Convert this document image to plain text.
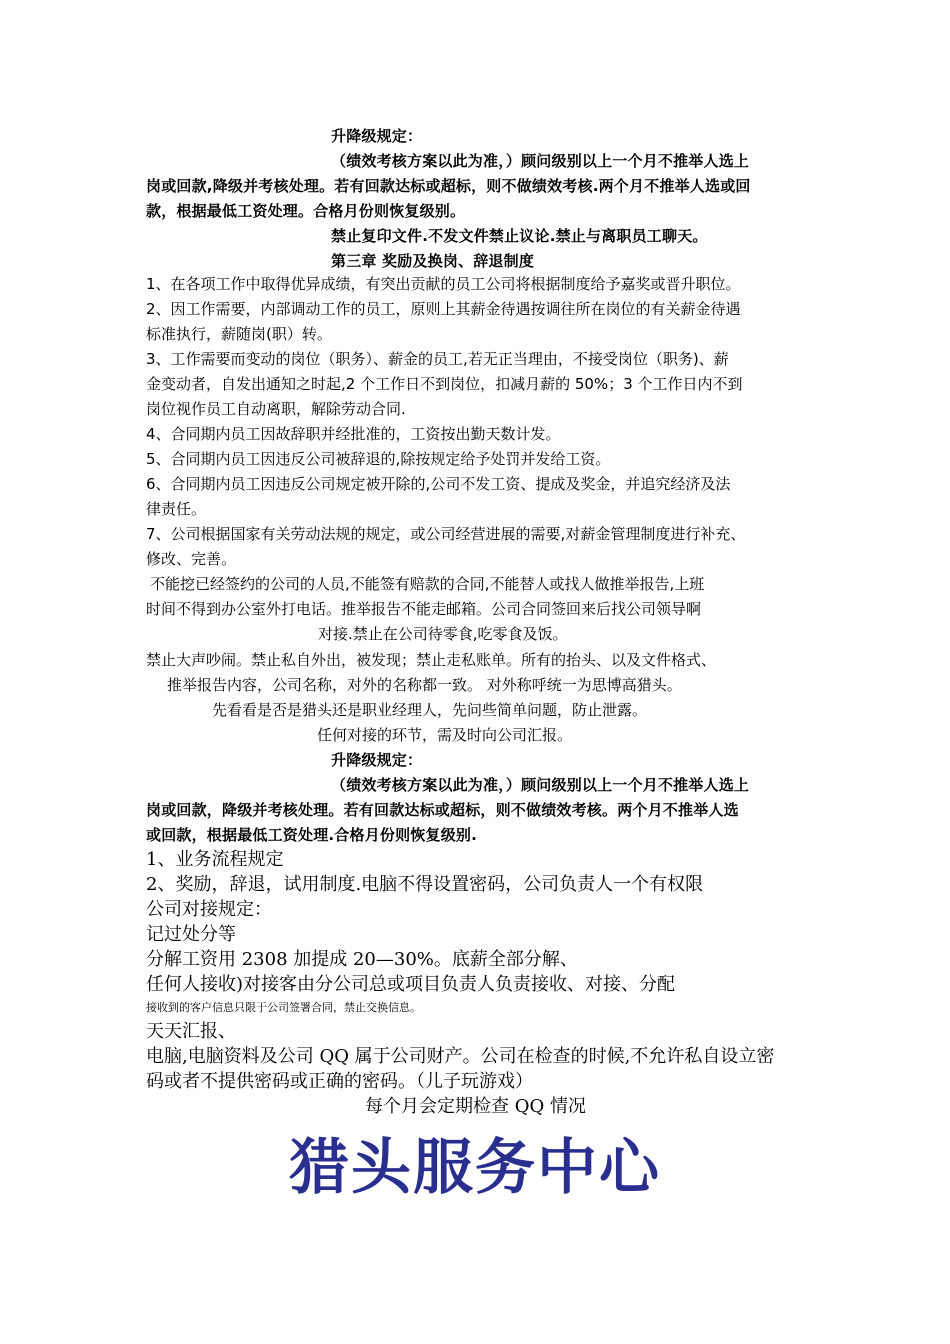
升降级规定：
（绩效考核方案以此为准，）顾问级别以上一个月不推举人选上
岗或回款,降级并考核处理。若有回款达标或超标，则不做绩效考核.两个月不推举人选或回
款，根据最低工资处理。合格月份则恢复级别。
禁止复印文件.不发文件禁止议论.禁止与离职员工聊天。
第三章 奖励及换岗、辞退制度
1、在各项工作中取得优异成绩，有突出贡献的员工公司将根据制度给予嘉奖或晋升职位。
2、因工作需要，内部调动工作的员工，原则上其薪金待遇按调往所在岗位的有关薪金待遇
标准执行，薪随岗(职）转。
3、工作需要而变动的岗位（职务）、薪金的员工,若无正当理由，不接受岗位（职务)、薪
金变动者，自发出通知之时起,2 个工作日不到岗位，扣减月薪的 50%；3 个工作日内不到
岗位视作员工自动离职，解除劳动合同.
4、合同期内员工因故辞职并经批准的，工资按出勤天数计发。
5、合同期内员工因违反公司被辞退的,除按规定给予处罚并发给工资。
6、合同期内员工因违反公司规定被开除的,公司不发工资、提成及奖金，并追究经济及法
律责任。
7、公司根据国家有关劳动法规的规定，或公司经营进展的需要,对薪金管理制度进行补充、
修改、完善。
不能挖已经签约的公司的人员,不能签有赔款的合同,不能替人或找人做推举报告,上班
时间不得到办公室外打电话。推举报告不能走邮箱。公司合同签回来后找公司领导啊
对接.禁止在公司待零食,吃零食及饭。
禁止大声吵闹。禁止私自外出，被发现；禁止走私账单。所有的抬头、以及文件格式、
推举报告内容，公司名称，对外的名称都一致。 对外称呼统一为思博高猎头。
先看看是否是猎头还是职业经理人，先问些简单问题，防止泄露。
任何对接的环节，需及时向公司汇报。
升降级规定：
（绩效考核方案以此为准，）顾问级别以上一个月不推举人选上
岗或回款，降级并考核处理。若有回款达标或超标，则不做绩效考核。两个月不推举人选
或回款，根据最低工资处理.合格月份则恢复级别.
1、业务流程规定
2、奖励，辞退，试用制度.电脑不得设置密码，公司负责人一个有权限
公司对接规定：
记过处分等
分解工资用 2308 加提成 20—30%。底薪全部分解、
任何人接收)对接客由分公司总或项目负责人负责接收、对接、分配
接收到的客户信息只限于公司签署合同，禁止交换信息。
天天汇报、
电脑,电脑资料及公司 QQ 属于公司财产。公司在检查的时候,不允许私自设立密
码或者不提供密码或正确的密码。（儿子玩游戏）
每个月会定期检查 QQ 情况
猎头服务中心
